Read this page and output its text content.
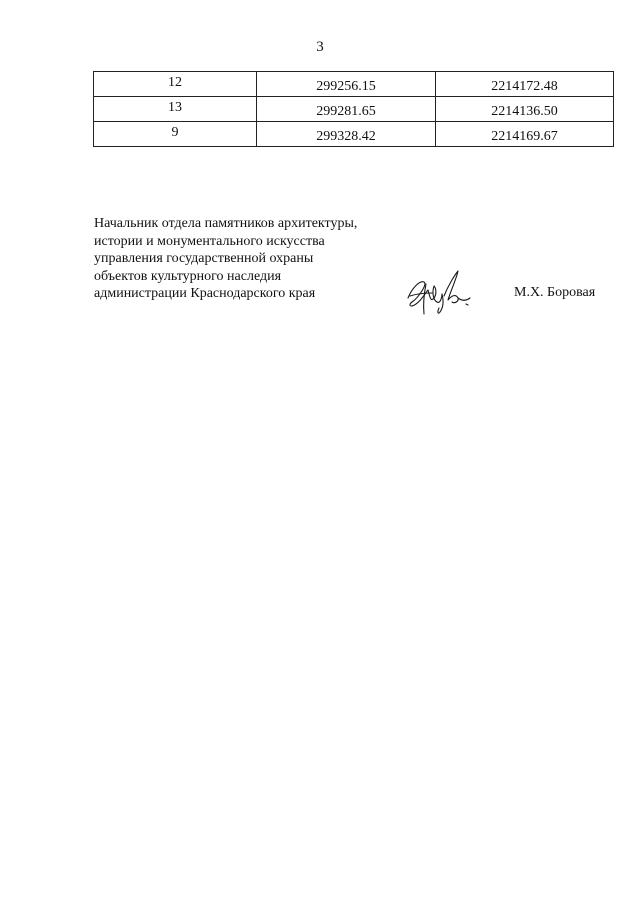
3
12	299256.15	2214172.48
13	299281.65	2214136.50
9	299328.42	2214169.67
Начальник отдела памятников архитектуры,
истории и монументального искусства
управления государственной охраны
объектов культурного наследия
администрации Краснодарского края	М.Х. Боровая
